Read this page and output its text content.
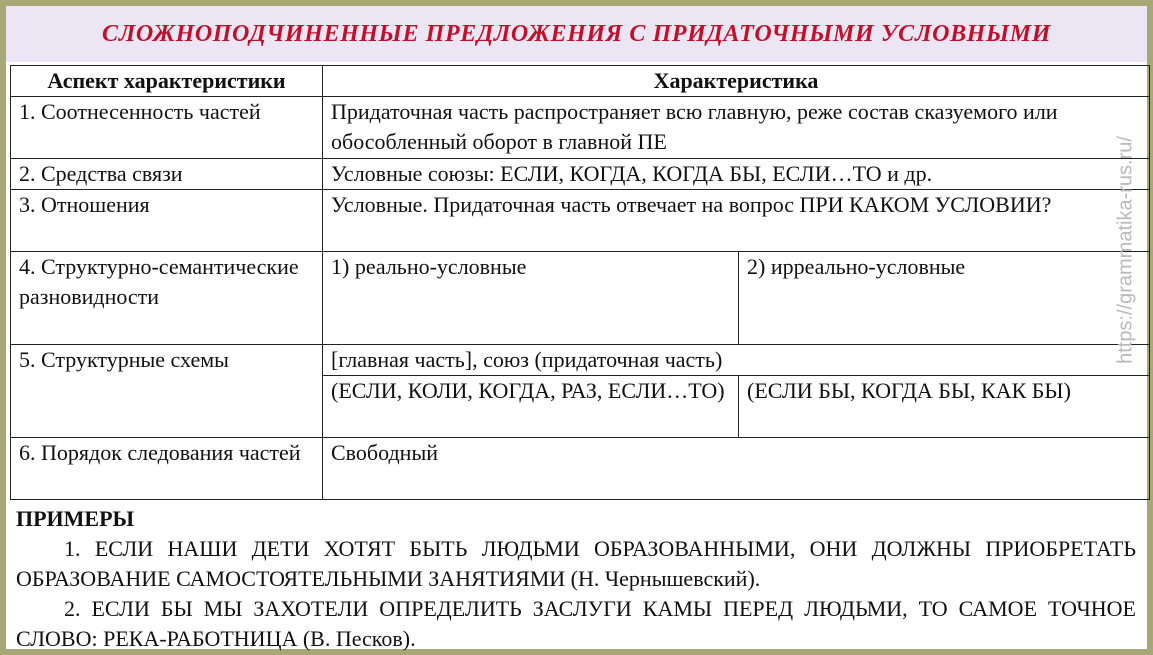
СЛОЖНОПОДЧИНЕННЫЕ ПРЕДЛОЖЕНИЯ С ПРИДАТОЧНЫМИ УСЛОВНЫМИ
Аспект характеристики	Характеристика	
1. Соотнесенность частей	Придаточная часть распространяет всю главную, реже состав сказуемого или обособленный оборот в главной ПЕ	
2. Средства связи	Условные союзы: ЕСЛИ, КОГДА, КОГДА БЫ, ЕСЛИ…ТО и др.	
3. Отношения	Условные. Придаточная часть отвечает на вопрос ПРИ КАКОМ УСЛОВИИ?	
4. Структурно-семантические разновидности	1) реально-условные	2) ирреально-условные
5. Структурные схемы	[главная часть], союз (придаточная часть)	
	(ЕСЛИ, КОЛИ, КОГДА, РАЗ, ЕСЛИ…ТО)	(ЕСЛИ БЫ, КОГДА БЫ, КАК БЫ)
6. Порядок следования частей	Свободный	
ПРИМЕРЫ
1. ЕСЛИ НАШИ ДЕТИ ХОТЯТ БЫТЬ ЛЮДЬМИ ОБРАЗОВАННЫМИ, ОНИ ДОЛЖНЫ ПРИОБРЕТАТЬ ОБРАЗОВАНИЕ САМОСТОЯТЕЛЬНЫМИ ЗАНЯТИЯМИ (Н. Чернышевский).
2. ЕСЛИ БЫ МЫ ЗАХОТЕЛИ ОПРЕДЕЛИТЬ ЗАСЛУГИ КАМЫ ПЕРЕД ЛЮДЬМИ, ТО САМОЕ ТОЧНОЕ СЛОВО: РЕКА-РАБОТНИЦА (В. Песков).
https://grammatika-rus.ru/
